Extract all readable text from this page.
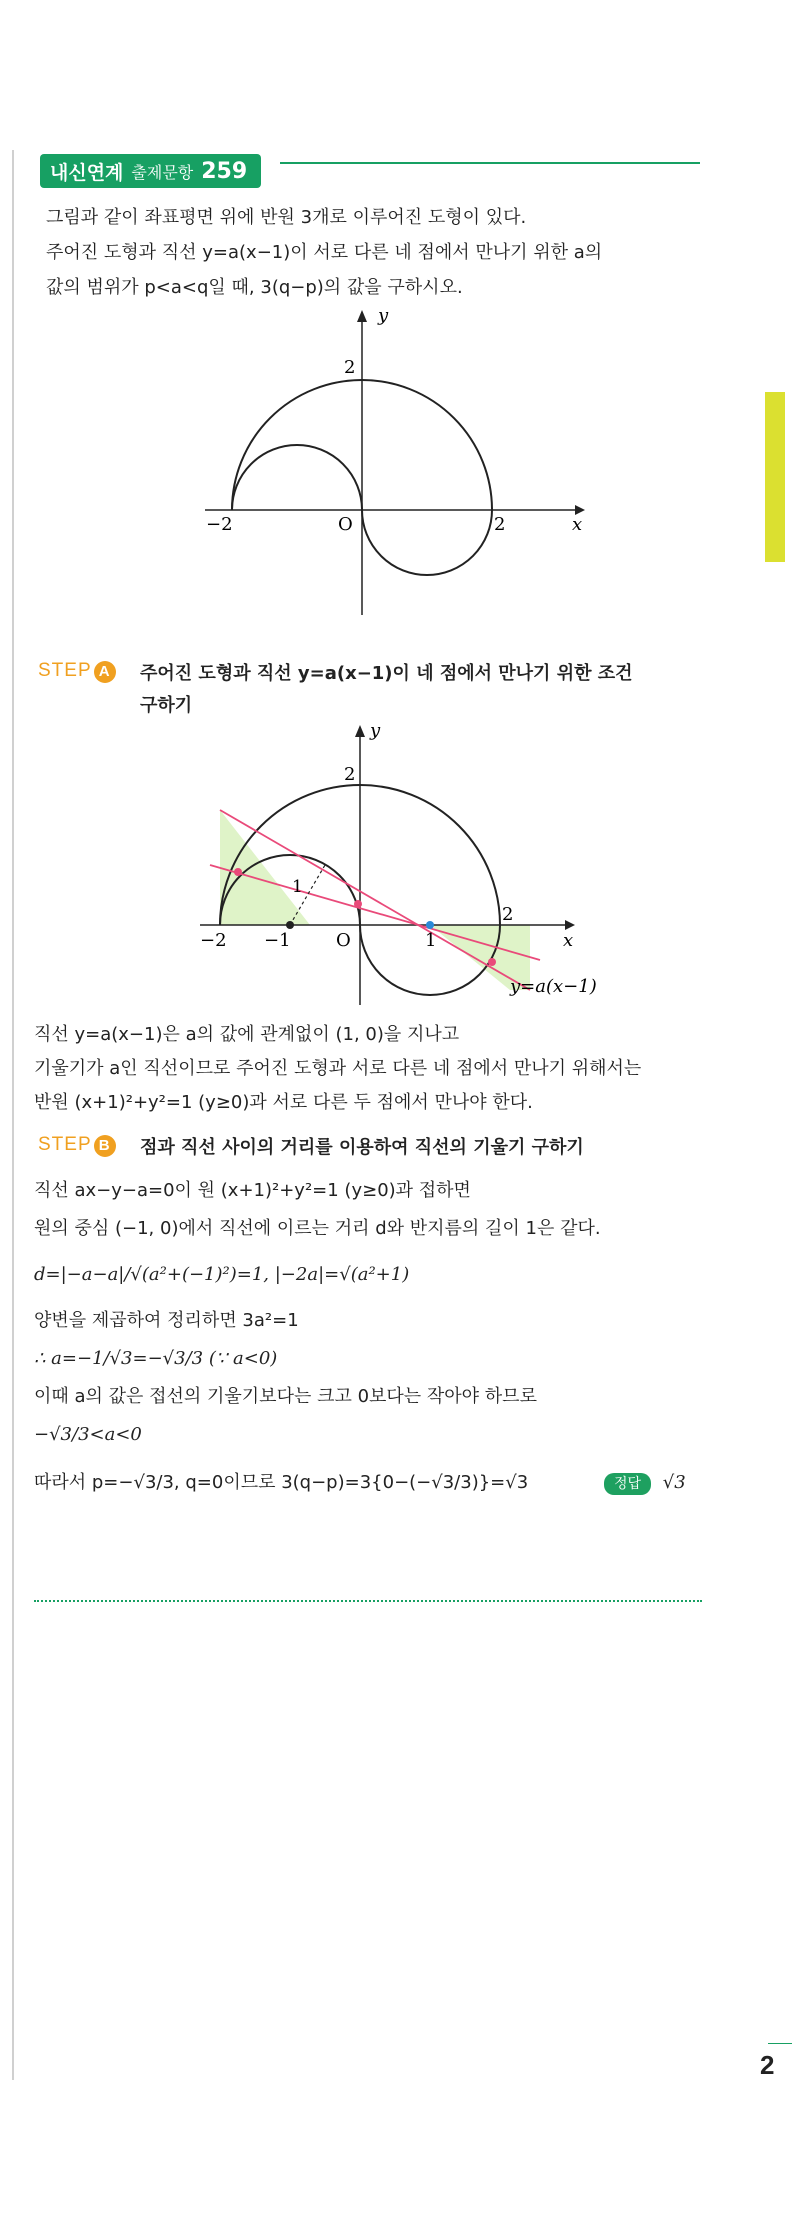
내신연계 출제문항 259
그림과 같이 좌표평면 위에 반원 3개로 이루어진 도형이 있다.
주어진 도형과 직선 y=a(x−1)이 서로 다른 네 점에서 만나기 위한 a의
값의 범위가 p<a<q일 때, 3(q−p)의 값을 구하시오.
y
x
O
−2	2
2
STEP A 주어진 도형과 직선 y=a(x−1)이 네 점에서 만나기 위한 조건
구하기
y
x
O
−2 −1	1
2
2
1
y=a(x−1)
직선 y=a(x−1)은 a의 값에 관계없이 (1, 0)을 지나고
기울기가 a인 직선이므로 주어진 도형과 서로 다른 네 점에서 만나기 위해서는
반원 (x+1)²+y²=1 (y≥0)과 서로 다른 두 점에서 만나야 한다.
STEP B 점과 직선 사이의 거리를 이용하여 직선의 기울기 구하기
직선 ax−y−a=0이 원 (x+1)²+y²=1 (y≥0)과 접하면
원의 중심 (−1, 0)에서 직선에 이르는 거리 d와 반지름의 길이 1은 같다.
d=|−a−a|/√(a²+(−1)²)=1, |−2a|=√(a²+1)
양변을 제곱하여 정리하면 3a²=1
∴ a=−1/√3=−√3/3 (∵ a<0)
이때 a의 값은 접선의 기울기보다는 크고 0보다는 작아야 하므로
−√3/3<a<0
따라서 p=−√3/3, q=0이므로 3(q−p)=3{0−(−√3/3)}=√3	정답 √3
2
